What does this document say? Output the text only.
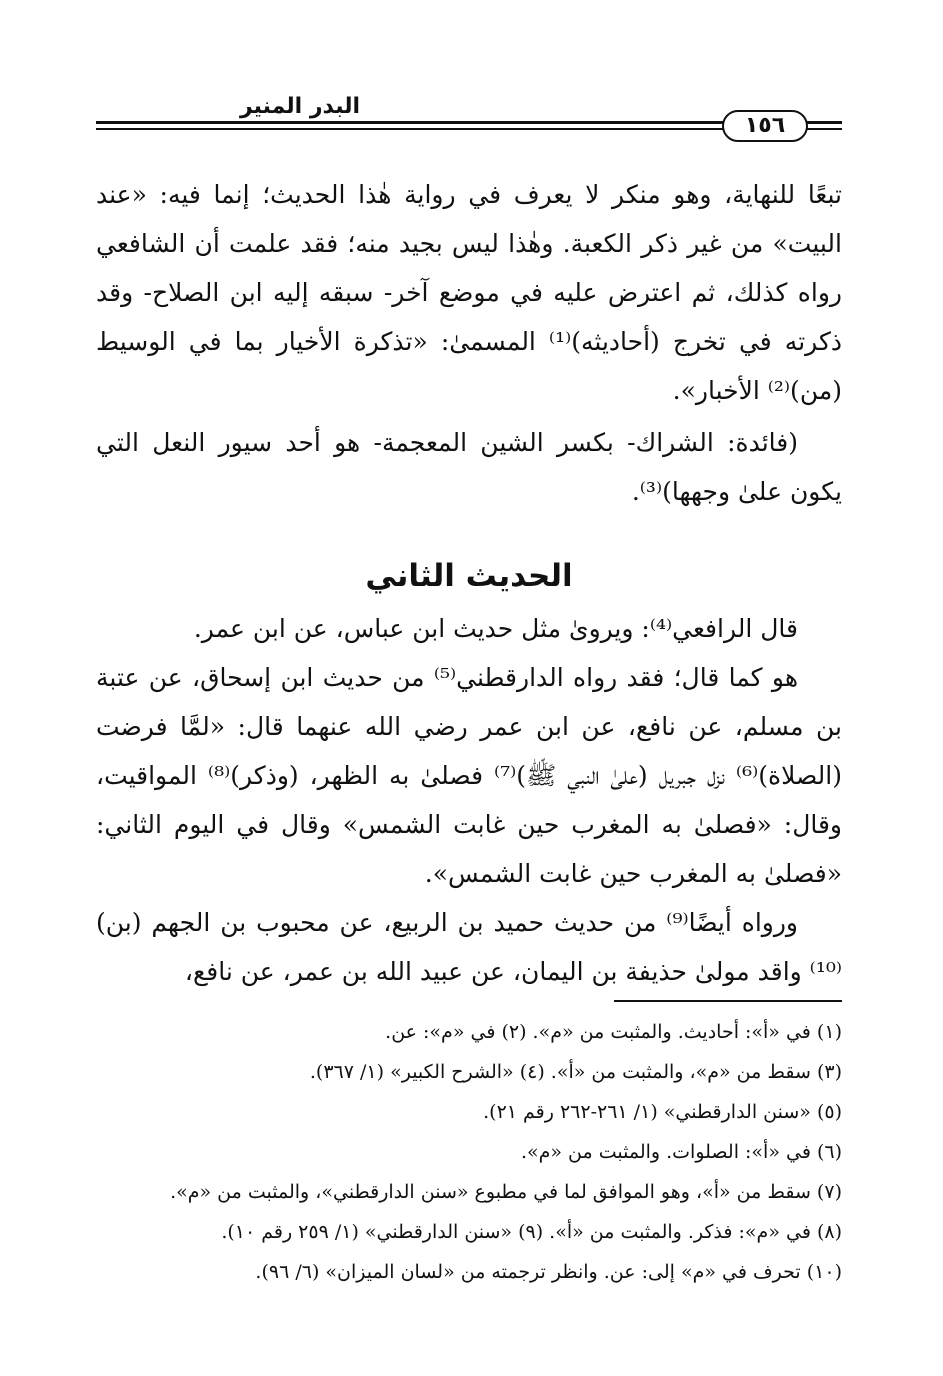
البدر المنير
١٥٦

تبعًا للنهاية، وهو منكر لا يعرف في رواية هٰذا الحديث؛ إنما فيه: «عند البيت» من غير ذكر الكعبة. وهٰذا ليس بجيد منه؛ فقد علمت أن الشافعي رواه كذلك، ثم اعترض عليه في موضع آخر- سبقه إليه ابن الصلاح- وقد ذكرته في تخرج (أحاديثه)⁽¹⁾ المسمىٰ: «تذكرة الأخيار بما في الوسيط (من)⁽²⁾ الأخبار».

(فائدة: الشراك- بكسر الشين المعجمة- هو أحد سيور النعل التي يكون علىٰ وجهها)⁽³⁾.

الحديث الثاني

قال الرافعي⁽⁴⁾: ويروىٰ مثل حديث ابن عباس، عن ابن عمر.

هو كما قال؛ فقد رواه الدارقطني⁽⁵⁾ من حديث ابن إسحاق، عن عتبة بن مسلم، عن نافع، عن ابن عمر رضي الله عنهما قال: «لمَّا فرضت (الصلاة)⁽⁶⁾ نزل جبريل (علىٰ النبي ﷺ)⁽⁷⁾ فصلىٰ به الظهر، (وذكر)⁽⁸⁾ المواقيت، وقال: «فصلىٰ به المغرب حين غابت الشمس» وقال في اليوم الثاني: «فصلىٰ به المغرب حين غابت الشمس».

ورواه أيضًا⁽⁹⁾ من حديث حميد بن الربيع، عن محبوب بن الجهم (بن)⁽¹⁰⁾ واقد مولىٰ حذيفة بن اليمان، عن عبيد الله بن عمر، عن نافع،

(١) في «أ»: أحاديث. والمثبت من «م». (٢) في «م»: عن.

(٣) سقط من «م»، والمثبت من «أ». (٤) «الشرح الكبير» (١/ ٣٦٧).

(٥) «سنن الدارقطني» (١/ ٢٦١-٢٦٢ رقم ٢١).

(٦) في «أ»: الصلوات. والمثبت من «م».

(٧) سقط من «أ»، وهو الموافق لما في مطبوع «سنن الدارقطني»، والمثبت من «م».

(٨) في «م»: فذكر. والمثبت من «أ». (٩) «سنن الدارقطني» (١/ ٢٥٩ رقم ١٠).

(١٠) تحرف في «م» إلى: عن. وانظر ترجمته من «لسان الميزان» (٦/ ٩٦).
